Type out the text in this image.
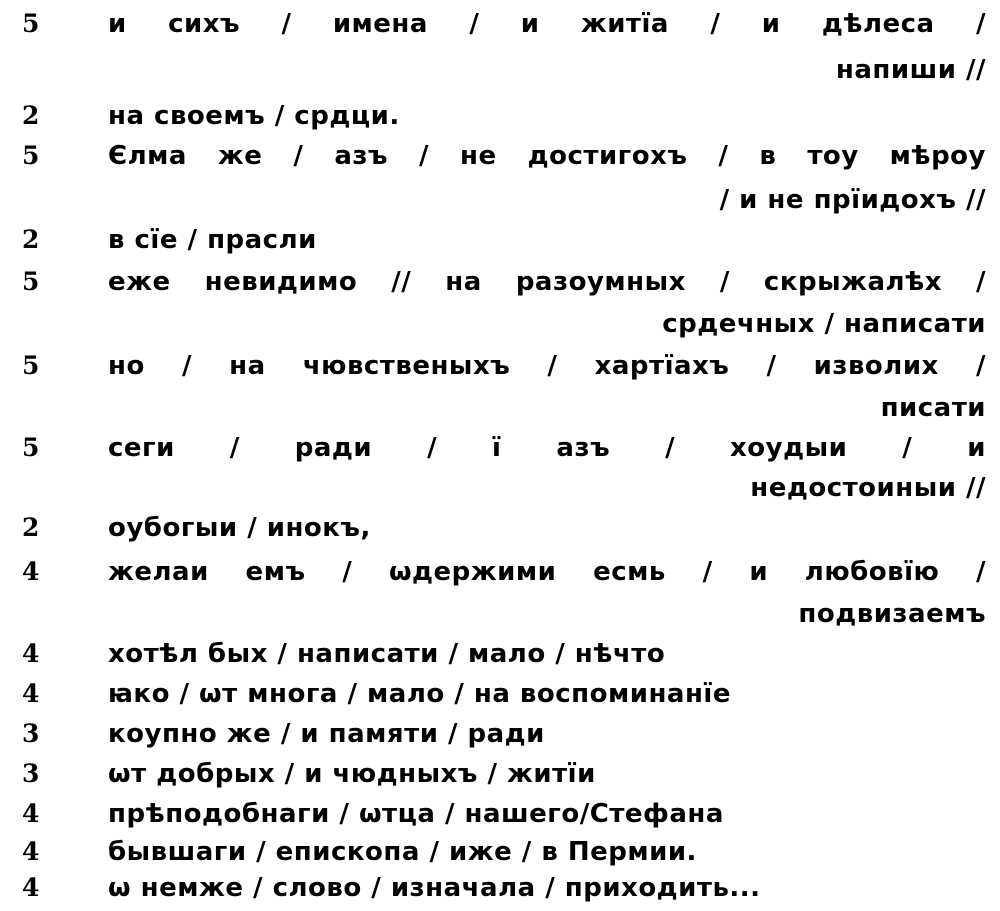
5	и сихъ / имена / и житїа / и дѣлеса /
напиши //
2	на своемъ / срдци.
5	Єлма же / азъ / не достигохъ / в тоу мѣроу
/ и не прїидохъ //
2	в сїе / прасли
5	еже невидимо // на разоумных / скрыжалѣх /
срдечных / написати
5	но / на чювственыхъ / хартїахъ / изволих /
писати
5	сеги / ради / ї азъ / хоудыи / и
недостоиныи //
2	оубогыи / инокъ,
4	желаи емъ / ѡдержими есмь / и любовїю /
подвизаемъ
4	хотѣл бых / написати / мало / нѣчто
4	ꙗко / ѡт многа / мало / на воспоминанїе
3	коупно же / и памяти / ради
3	ѡт добрых / и чюдныхъ / житїи
4	прѣподобнаги / ѡтца / нашего/Стефана
4	бывшаги / епископа / иже / в Пермии.
4	ѡ немже / слово / изначала / приходить...
